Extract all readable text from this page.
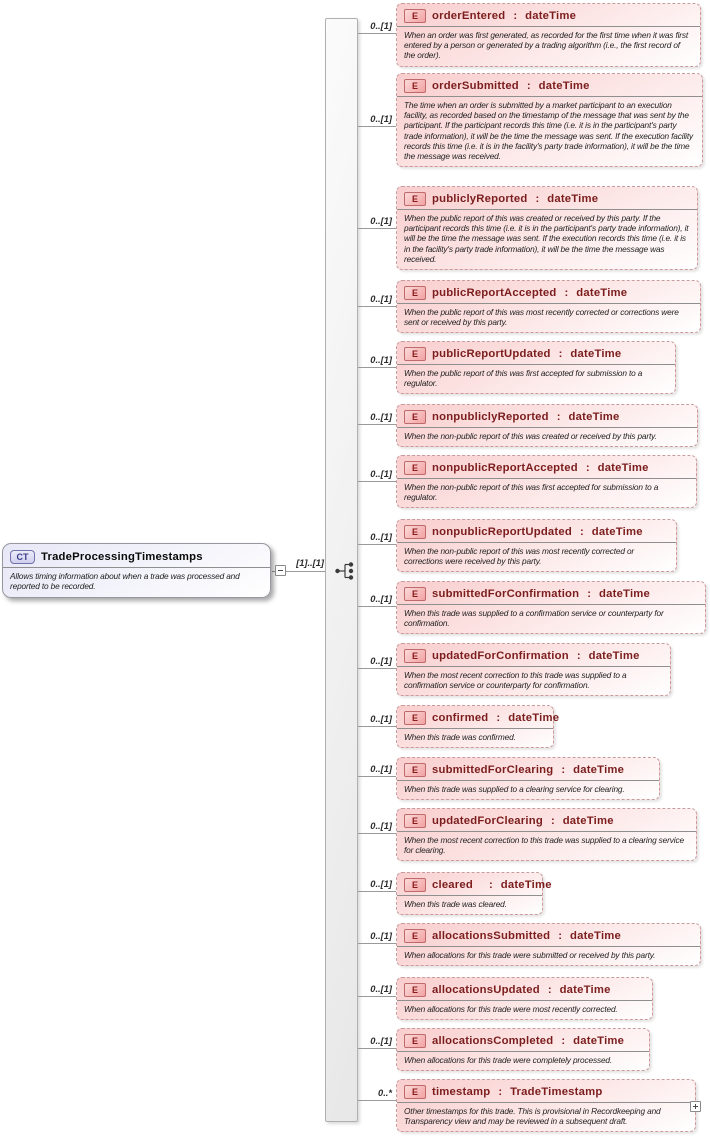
[1]..[1]
CT	TradeProcessingTimestamps
Allows timing information about when a trade was processed and reported to be recorded.
0..[1]
E	orderEntered : dateTime
When an order was first generated, as recorded for the first time when it was first entered by a person or generated by a trading algorithm (i.e., the first record of the order).
0..[1]
E	orderSubmitted : dateTime
The time when an order is submitted by a market participant to an execution facility, as recorded based on the timestamp of the message that was sent by the participant. If the participant records this time (i.e. it is in the participant's party trade information), it will be the time the message was sent. If the execution facility records this time (i.e. it is in the facility's party trade information), it will be the time the message was received.
0..[1]
E	publiclyReported : dateTime
When the public report of this was created or received by this party. If the participant records this time (i.e. it is in the participant's party trade information), it will be the time the message was sent. If the execution records this time (i.e. it is in the facility's party trade information), it will be the time the message was received.
0..[1]
E	publicReportAccepted : dateTime
When the public report of this was most recently corrected or corrections were sent or received by this party.
0..[1]
E	publicReportUpdated : dateTime
When the public report of this was first accepted for submission to a regulator.
0..[1]	E	nonpubliclyReported : dateTime
When the non-public report of this was created or received by this party.
0..[1]
E	nonpublicReportAccepted : dateTime
When the non-public report of this was first accepted for submission to a regulator.
0..[1]
E	nonpublicReportUpdated : dateTime
When the non-public report of this was most recently corrected or corrections were received by this party.
0..[1]
E	submittedForConfirmation : dateTime
When this trade was supplied to a confirmation service or counterparty for confirmation.
0..[1]
E	updatedForConfirmation : dateTime
When the most recent correction to this trade was supplied to a confirmation service or counterparty for confirmation.
0..[1]	E	confirmed : dateTime
When this trade was confirmed.
0..[1]	E	submittedForClearing : dateTime
When this trade was supplied to a clearing service for clearing.
0..[1]
E	updatedForClearing : dateTime
When the most recent correction to this trade was supplied to a clearing service for clearing.
0..[1]	E	cleared : dateTime
When this trade was cleared.
0..[1]	E	allocationsSubmitted : dateTime
When allocations for this trade were submitted or received by this party.
0..[1]	E	allocationsUpdated : dateTime
When allocations for this trade were most recently corrected.
0..[1]	E	allocationsCompleted : dateTime
When allocations for this trade were completely processed.
0..*	E	timestamp : TradeTimestamp
Other timestamps for this trade. This is provisional in Recordkeeping and Transparency view and may be reviewed in a subsequent draft.
